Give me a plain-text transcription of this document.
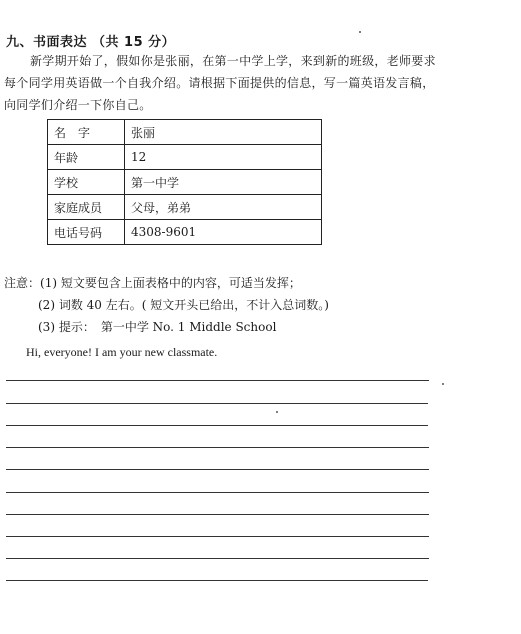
九、书面表达 （共 15 分）
新学期开始了，假如你是张丽，在第一中学上学，来到新的班级，老师要求每个同学用英语做一个自我介绍。请根据下面提供的信息，写一篇英语发言稿，向同学们介绍一下你自己。
名　字	张丽
年龄	12
学校	第一中学
家庭成员	父母，弟弟
电话号码	4308-9601
注意：(1) 短文要包含上面表格中的内容，可适当发挥；
(2) 词数 40 左右。( 短文开头已给出，不计入总词数。)
(3) 提示：　第一中学 No. 1 Middle School
Hi, everyone! I am your new classmate.
